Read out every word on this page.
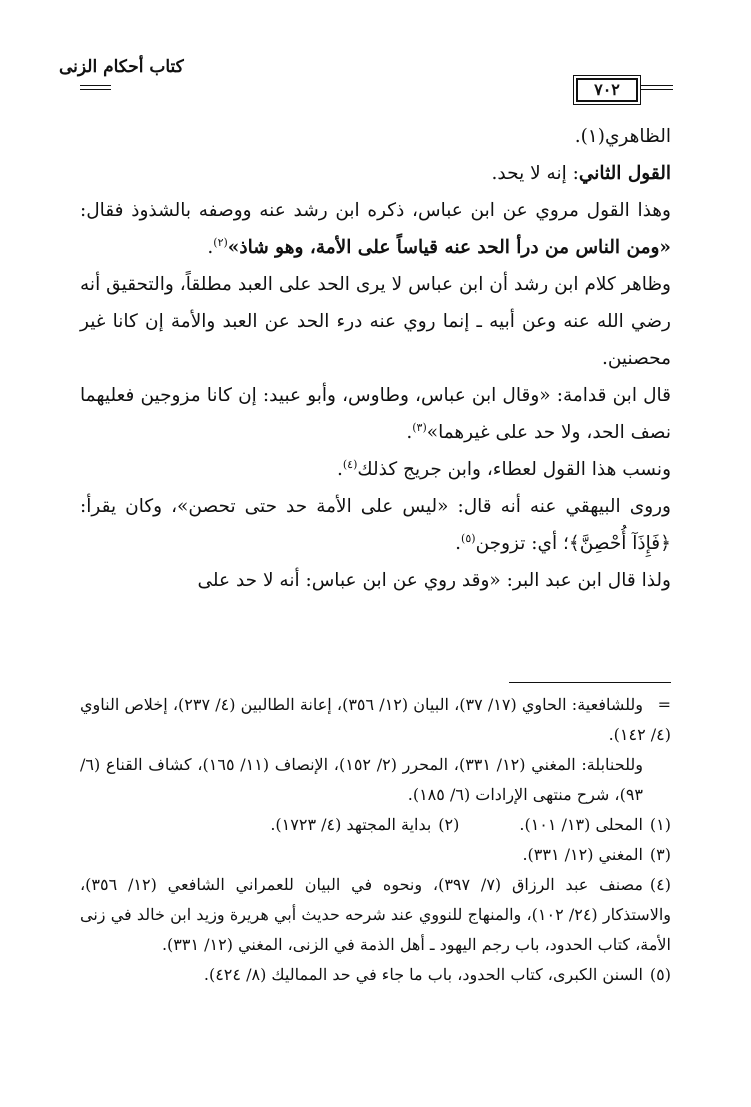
كتاب أحكام الزنى
٧٠٢

الظاهري(١).

القول الثاني: إنه لا يحد.

وهذا القول مروي عن ابن عباس، ذكره ابن رشد عنه ووصفه بالشذوذ فقال: «ومن الناس من درأ الحد عنه قياساً على الأمة، وهو شاذ»$^{(٢)}$.

وظاهر كلام ابن رشد أن ابن عباس لا يرى الحد على العبد مطلقاً، والتحقيق أنه رضي الله عنه وعن أبيه ـ إنما روي عنه درء الحد عن العبد والأمة إن كانا غير محصنين.

قال ابن قدامة: «وقال ابن عباس، وطاوس، وأبو عبيد: إن كانا مزوجين فعليهما نصف الحد، ولا حد على غيرهما»$^{(٣)}$.

ونسب هذا القول لعطاء، وابن جريج كذلك$^{(٤)}$.

وروى البيهقي عنه أنه قال: «ليس على الأمة حد حتى تحصن»، وكان يقرأ: ﴿فَإِذَآ أُحْصِنَّ﴾؛ أي: تزوجن$^{(٥)}$.

ولذا قال ابن عبد البر: «وقد روي عن ابن عباس: أنه لا حد على

=وللشافعية: الحاوي (١٧/ ٣٧)، البيان (١٢/ ٣٥٦)، إعانة الطالبين (٤/ ٢٣٧)، إخلاص الناوي (٤/ ١٤٢).

وللحنابلة: المغني (١٢/ ٣٣١)، المحرر (٢/ ١٥٢)، الإنصاف (١١/ ١٦٥)، كشاف القناع (٦/ ٩٣)، شرح منتهى الإرادات (٦/ ١٨٥).

(١)المحلى (١٣/ ١٠١).
(٢)بداية المجتهد (٤/ ١٧٢٣).

(٣)المغني (١٢/ ٣٣١).

(٤)مصنف عبد الرزاق (٧/ ٣٩٧)، ونحوه في البيان للعمراني الشافعي (١٢/ ٣٥٦)، والاستذكار (٢٤/ ١٠٢)، والمنهاج للنووي عند شرحه حديث أبي هريرة وزيد ابن خالد في زنى الأمة، كتاب الحدود، باب رجم اليهود ـ أهل الذمة في الزنى، المغني (١٢/ ٣٣١).

(٥)السنن الكبرى، كتاب الحدود، باب ما جاء في حد المماليك (٨/ ٤٢٤).
